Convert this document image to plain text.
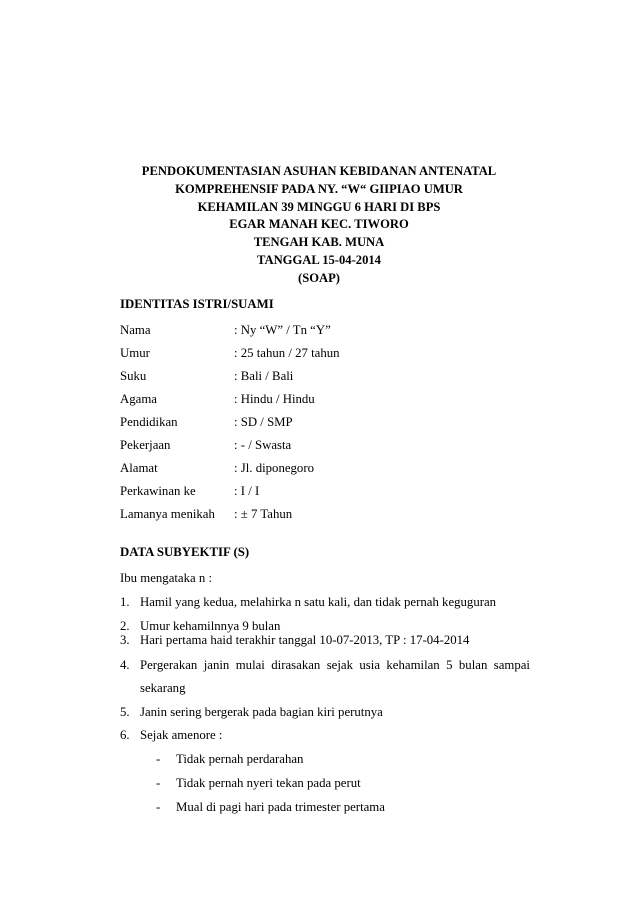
PENDOKUMENTASIAN ASUHAN KEBIDANAN ANTENATAL
KOMPREHENSIF PADA NY. “W“ GIIPIAO UMUR
KEHAMILAN 39 MINGGU 6 HARI DI BPS
EGAR MANAH KEC. TIWORO
TENGAH KAB. MUNA
TANGGAL 15-04-2014
(SOAP)
IDENTITAS ISTRI/SUAMI
Nama	: Ny “W” / Tn “Y”
Umur	: 25 tahun / 27 tahun
Suku	: Bali / Bali
Agama	: Hindu / Hindu
Pendidikan	: SD / SMP
Pekerjaan	: - / Swasta
Alamat	: Jl. diponegoro
Perkawinan ke	: I / I
Lamanya menikah : ± 7 Tahun
DATA SUBYEKTIF (S)
Ibu mengataka n :
1. Hamil yang kedua, melahirka n satu kali, dan tidak pernah keguguran
2. Umur kehamilnnya 9 bulan
3. Hari pertama haid terakhir tanggal 10-07-2013, TP : 17-04-2014
4. Pergerakan janin mulai dirasakan sejak usia kehamilan 5 bulan sampai
sekarang
5. Janin sering bergerak pada bagian kiri perutnya
6. Sejak amenore :
- Tidak pernah perdarahan
- Tidak pernah nyeri tekan pada perut
- Mual di pagi hari pada trimester pertama
